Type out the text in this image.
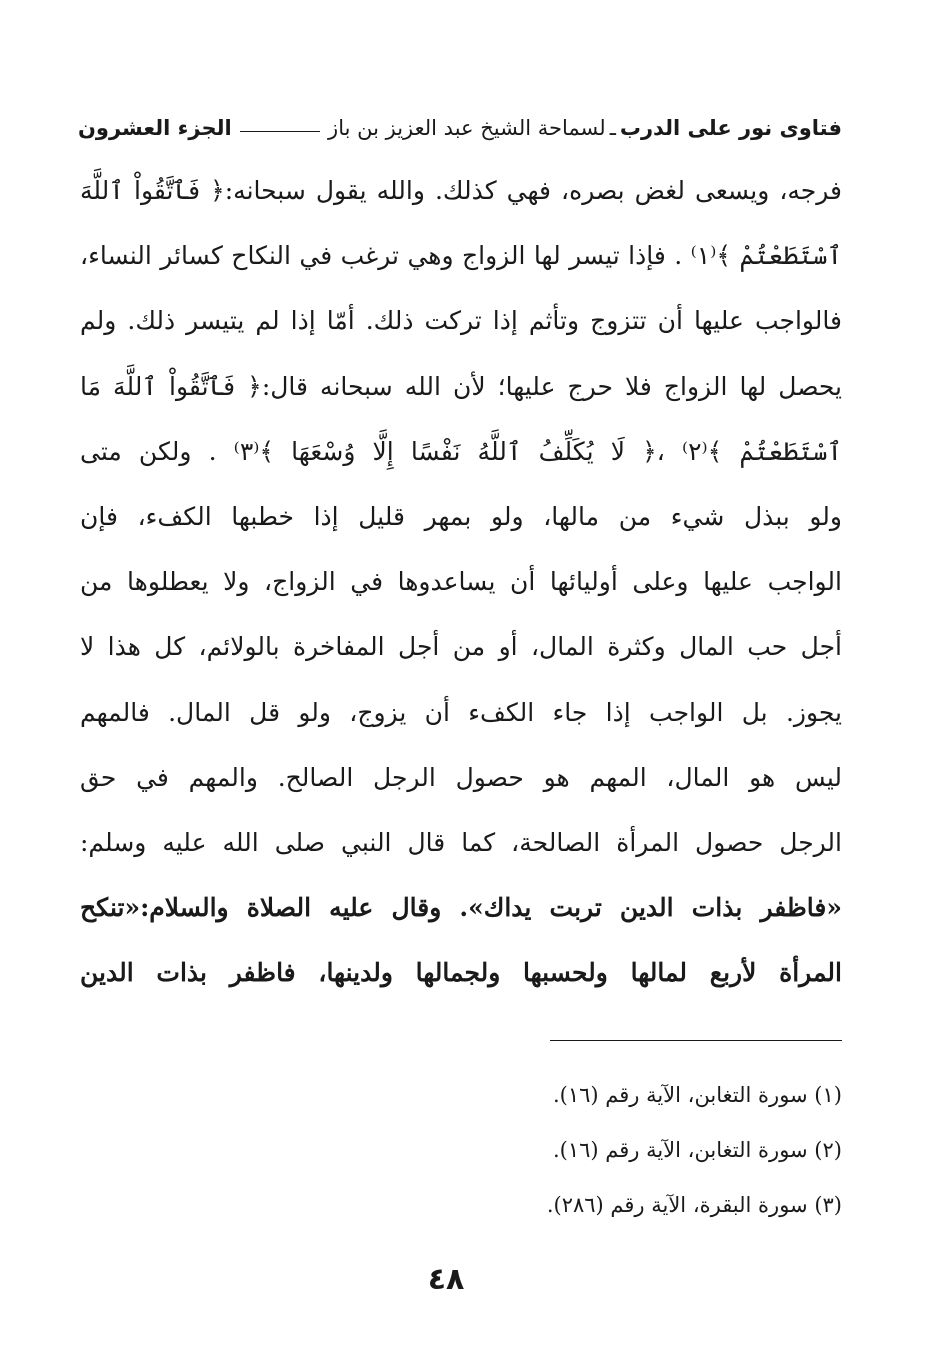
فتاوى نور على الدرب
ـ
لسماحة الشيخ عبد العزيز بن باز
الجزء العشرون
فرجه، ويسعى لغض بصره، فهي كذلك. والله يقول سبحانه:﴿ فَٱتَّقُواْ ٱللَّهَ
ٱسْتَطَعْتُمْ ﴾⁽١⁾ . فإذا تيسر لها الزواج وهي ترغب في النكاح كسائر النساء،
فالواجب عليها أن تتزوج وتأثم إذا تركت ذلك. أمّا إذا لم يتيسر ذلك. ولم
يحصل لها الزواج فلا حرج عليها؛ لأن الله سبحانه قال:﴿ فَٱتَّقُواْ ٱللَّهَ مَا
ٱسْتَطَعْتُمْ ﴾⁽٢⁾ ،﴿ لَا يُكَلِّفُ ٱللَّهُ نَفْسًا إِلَّا وُسْعَهَا ﴾⁽٣⁾ . ولكن متى
ولو ببذل شيء من مالها، ولو بمهر قليل إذا خطبها الكفء، فإن
الواجب عليها وعلى أوليائها أن يساعدوها في الزواج، ولا يعطلوها من
أجل حب المال وكثرة المال، أو من أجل المفاخرة بالولائم، كل هذا لا
يجوز. بل الواجب إذا جاء الكفء أن يزوج، ولو قل المال. فالمهم
ليس هو المال، المهم هو حصول الرجل الصالح. والمهم في حق
الرجل حصول المرأة الصالحة، كما قال النبي صلى الله عليه وسلم:
«فاظفر بذات الدين تربت يداك». وقال عليه الصلاة والسلام:«تنكح
المرأة لأربع لمالها ولحسبها ولجمالها ولدينها، فاظفر بذات الدين
(١) سورة التغابن، الآية رقم (١٦).
(٢) سورة التغابن، الآية رقم (١٦).
(٣) سورة البقرة، الآية رقم (٢٨٦).
٤٨
